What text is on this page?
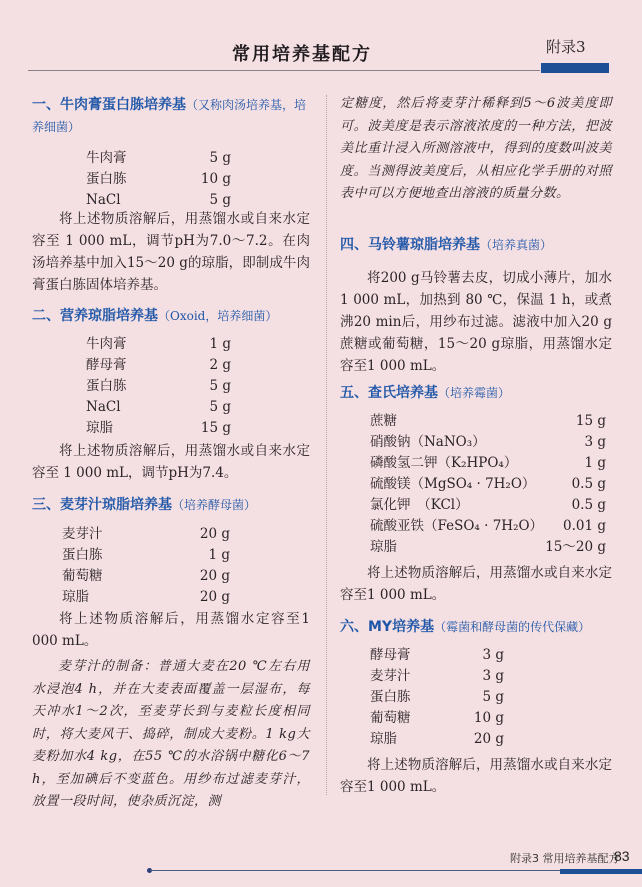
常用培养基配方	附录3
一、牛肉膏蛋白胨培养基（又称肉汤培养基，培养细菌）
牛肉膏	5 g
蛋白胨	10 g
NaCl	5 g
将上述物质溶解后，用蒸馏水或自来水定容至 1 000 mL，调节pH为7.0～7.2。在肉汤培养基中加入15～20 g的琼脂，即制成牛肉膏蛋白胨固体培养基。
二、营养琼脂培养基（Oxoid，培养细菌）
牛肉膏	1 g
酵母膏	2 g
蛋白胨	5 g
NaCl	5 g
琼脂	15 g
将上述物质溶解后，用蒸馏水或自来水定容至 1 000 mL，调节pH为7.4。
三、麦芽汁琼脂培养基（培养酵母菌）
麦芽汁	20 g
蛋白胨	1 g
葡萄糖	20 g
琼脂	20 g
将上述物质溶解后，用蒸馏水定容至1 000 mL。
麦芽汁的制备：普通大麦在20 ℃左右用水浸泡4 h，并在大麦表面覆盖一层湿布，每天冲水1～2次，至麦芽长到与麦粒长度相同时，将大麦风干、捣碎，制成大麦粉。1 kg大麦粉加水4 kg，在55 ℃的水浴锅中糖化6～7 h，至加碘后不变蓝色。用纱布过滤麦芽汁，放置一段时间，使杂质沉淀，测
定糖度，然后将麦芽汁稀释到5～6波美度即可。波美度是表示溶液浓度的一种方法，把波美比重计浸入所测溶液中，得到的度数叫波美度。当测得波美度后，从相应化学手册的对照表中可以方便地查出溶液的质量分数。
四、马铃薯琼脂培养基（培养真菌）
将200 g马铃薯去皮，切成小薄片，加水1 000 mL，加热到 80 ℃，保温 1 h，或煮沸20 min后，用纱布过滤。滤液中加入20 g蔗糖或葡萄糖，15～20 g琼脂，用蒸馏水定容至1 000 mL。
五、查氏培养基（培养霉菌）
蔗糖	15 g
硝酸钠（NaNO₃）	3 g
磷酸氢二钾（K₂HPO₄）	1 g
硫酸镁（MgSO₄ · 7H₂O）	0.5 g
氯化钾　（KCl）	0.5 g
硫酸亚铁（FeSO₄ · 7H₂O） 0.01 g
琼脂	15～20 g
将上述物质溶解后，用蒸馏水或自来水定容至1 000 mL。
六、MY培养基（霉菌和酵母菌的传代保藏）
酵母膏	3 g
麦芽汁	3 g
蛋白胨	5 g
葡萄糖	10 g
琼脂	20 g
将上述物质溶解后，用蒸馏水或自来水定容至1 000 mL。
附录3 常用培养基配方
83
